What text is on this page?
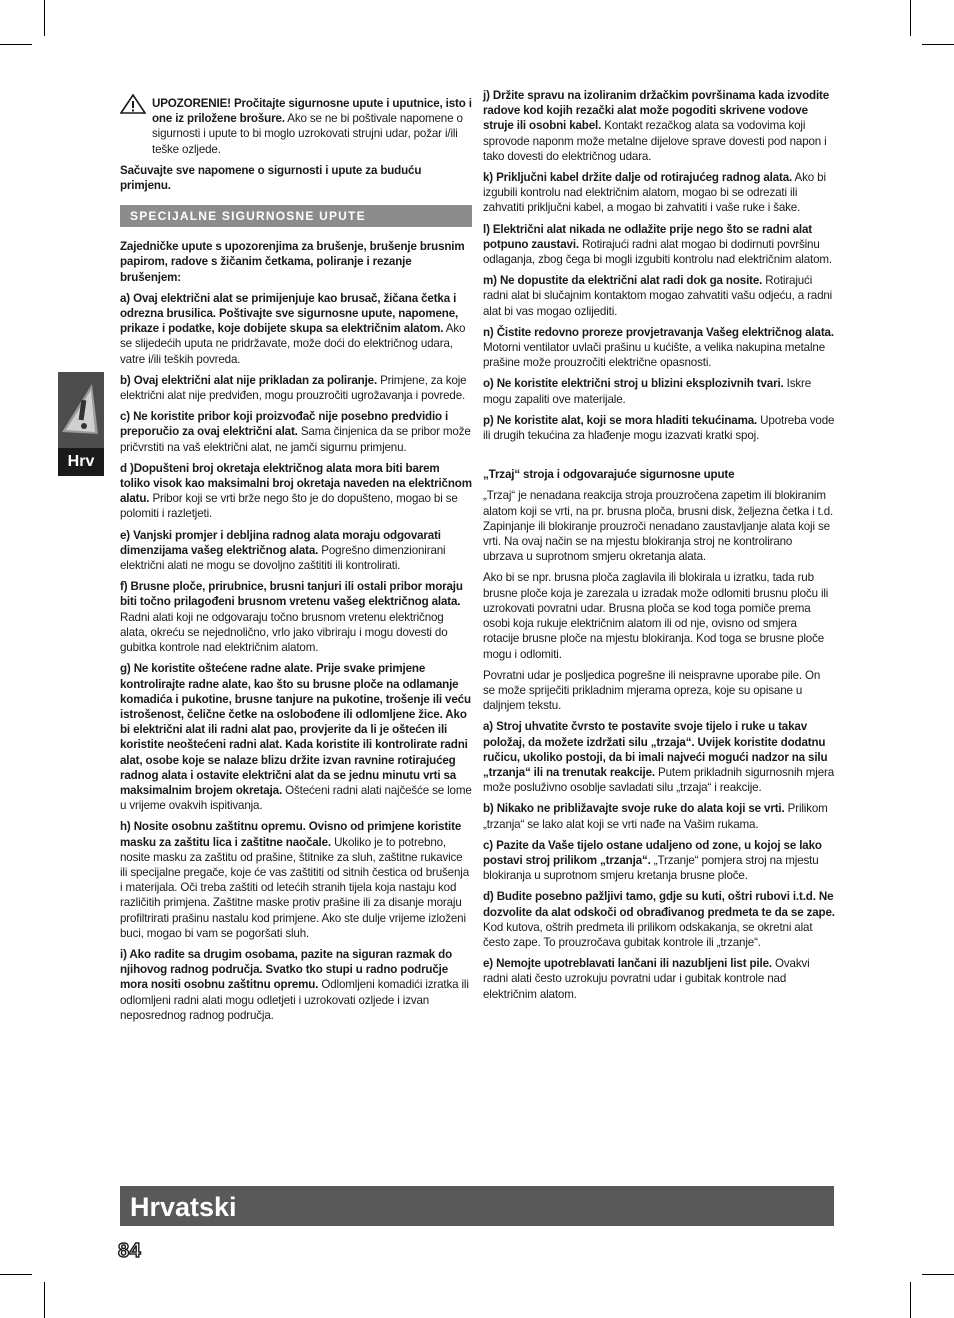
Hrv

UPOZORENIE! Pročitajte sigurnosne upute i uputnice, isto i one iz priložene brošure. Ako se ne bi poštivale napomene o sigurnosti i upute to bi moglo uzrokovati strujni udar, požar i/ili teške ozljede.

Sačuvajte sve napomene o sigurnosti i upute za buduću primjenu.

SPECIJALNE SIGURNOSNE UPUTE

Zajedničke upute s upozorenjima za brušenje, brušenje brusnim papirom, radove s žičanim četkama, poliranje i rezanje brušenjem:

a) Ovaj električni alat se primijenjuje kao brusač, žičana četka i odrezna brusilica. Poštivajte sve sigurnosne upute, napomene, prikaze i podatke, koje dobijete skupa sa električnim alatom. Ako se slijedećih uputa ne pridržavate, može doći do električnog udara, vatre i/ili teških povreda.

b) Ovaj električni alat nije prikladan za poliranje. Primjene, za koje električni alat nije predviđen, mogu prouzročiti ugrožavanja i povrede.

c) Ne koristite pribor koji proizvođač nije posebno predvidio i preporučio za ovaj električni alat. Sama činjenica da se pribor može pričvrstiti na vaš električni alat, ne jamči sigurnu primjenu.

d )Dopušteni broj okretaja električnog alata mora biti barem toliko visok kao maksimalni broj okretaja naveden na električnom alatu. Pribor koji se vrti brže nego što je do dopušteno, mogao bi se polomiti i razletjeti.

e) Vanjski promjer i debljina radnog alata moraju odgovarati dimenzijama vašeg električnog alata. Pogrešno dimenzionirani električni alati ne mogu se dovoljno zaštititi ili kontrolirati.

f) Brusne ploče, prirubnice, brusni tanjuri ili ostali pribor moraju biti točno prilagođeni brusnom vretenu vašeg električnog alata. Radni alati koji ne odgovaraju točno brusnom vretenu električnog alata, okreću se nejednolično, vrlo jako vibriraju i mogu dovesti do gubitka kontrole nad električnim alatom.

g) Ne koristite oštećene radne alate. Prije svake primjene kontrolirajte radne alate, kao što su brusne ploče na odlamanje komadića i pukotine, brusne tanjure na pukotine, trošenje ili veću istrošenost, čelične četke na oslobođene ili odlomljene žice. Ako bi električni alat ili radni alat pao, provjerite da li je oštećen ili koristite neoštećeni radni alat. Kada koristite ili kontrolirate radni alat, osobe koje se nalaze blizu držite izvan ravnine rotirajućeg radnog alata i ostavite električni alat da se jednu minutu vrti sa maksimalnim brojem okretaja. Oštećeni radni alati najčešće se lome u vrijeme ovakvih ispitivanja.

h) Nosite osobnu zaštitnu opremu. Ovisno od primjene koristite masku za zaštitu lica i zaštitne naočale. Ukoliko je to potrebno, nosite masku za zaštitu od prašine, štitnike za sluh, zaštitne rukavice ili specijalne pregače, koje će vas zaštititi od sitnih čestica od brušenja i materijala. Oči treba zaštiti od letećih stranih tijela koja nastaju kod različitih primjena. Zaštitne maske protiv prašine ili za disanje moraju profiltrirati prašinu nastalu kod primjene. Ako ste dulje vrijeme izloženi buci, mogao bi vam se pogoršati sluh.

i) Ako radite sa drugim osobama, pazite na siguran razmak do njihovog radnog područja. Svatko tko stupi u radno područje mora nositi osobnu zaštitnu opremu. Odlomljeni komadići izratka ili odlomljeni radni alati mogu odletjeti i uzrokovati ozljede i izvan neposrednog radnog područja.

j) Držite spravu na izoliranim držačkim površinama kada izvodite radove kod kojih rezački alat može pogoditi skrivene vodove struje ili osobni kabel. Kontakt rezačkog alata sa vodovima koji sprovode naponm može metalne dijelove sprave dovesti pod napon i tako dovesti do električnog udara.

k) Priključni kabel držite dalje od rotirajućeg radnog alata. Ako bi izgubili kontrolu nad električnim alatom, mogao bi se odrezati ili zahvatiti priključni kabel, a mogao bi zahvatiti i vaše ruke i šake.

l) Električni alat nikada ne odlažite prije nego što se radni alat potpuno zaustavi. Rotirajući radni alat mogao bi dodirnuti površinu odlaganja, zbog čega bi mogli izgubiti kontrolu nad električnim alatom.

m) Ne dopustite da električni alat radi dok ga nosite. Rotirajući radni alat bi slučajnim kontaktom mogao zahvatiti vašu odjeću, a radni alat bi vas mogao ozlijediti.

n) Čistite redovno proreze provjetravanja Vašeg električnog alata. Motorni ventilator uvlači prašinu u kućište, a velika nakupina metalne prašine može prouzročiti električne opasnosti.

o) Ne koristite električni stroj u blizini eksplozivnih tvari. Iskre mogu zapaliti ove materijale.

p) Ne koristite alat, koji se mora hladiti tekućinama. Upotreba vode ili drugih tekućina za hlađenje mogu izazvati kratki spoj.

„Trzaj“ stroja i odgovarajuće sigurnosne upute

„Trzaj“ je nenadana reakcija stroja prouzročena zapetim ili blokiranim alatom koji se vrti, na pr. brusna ploča, brusni disk, željezna četka i t.d. Zapinjanje ili blokiranje prouzroči nenadano zaustavljanje alata koji se vrti. Na ovaj način se na mjestu blokiranja stroj ne kontrolirano ubrzava u suprotnom smjeru okretanja alata.

Ako bi se npr. brusna ploča zaglavila ili blokirala u izratku, tada rub brusne ploče koja je zarezala u izradak može odlomiti brusnu ploču ili uzrokovati povratni udar. Brusna ploča se kod toga pomiče prema osobi koja rukuje električnim alatom ili od nje, ovisno od smjera rotacije brusne ploče na mjestu blokiranja. Kod toga se brusne ploče mogu i odlomiti.

Povratni udar je posljedica pogrešne ili neispravne uporabe pile. On se može spriječiti prikladnim mjerama opreza, koje su opisane u daljnjem tekstu.

a) Stroj uhvatite čvrsto te postavite svoje tijelo i ruke u takav položaj, da možete izdržati silu „trzaja“. Uvijek koristite dodatnu ručicu, ukoliko postoji, da bi imali najveći mogući nadzor na silu „trzanja“ ili na trenutak reakcije. Putem prikladnih sigurnosnih mjera može posluživno osoblje savladati silu „trzaja“ i reakcije.

b) Nikako ne približavajte svoje ruke do alata koji se vrti. Prilikom „trzanja“ se lako alat koji se vrti nađe na Vašim rukama.

c) Pazite da Vaše tijelo ostane udaljeno od zone, u kojoj se lako postavi stroj prilikom „trzanja“. „Trzanje“ pomjera stroj na mjestu blokiranja u suprotnom smjeru kretanja brusne ploče.

d) Budite posebno pažljivi tamo, gdje su kuti, oštri rubovi i.t.d. Ne dozvolite da alat odskoči od obrađivanog predmeta te da se zape. Kod kutova, oštrih predmeta ili prilikom odskakanja, se okretni alat često zape. To prouzročava gubitak kontrole ili „trzanje“.

e) Nemojte upotreblavati lančani ili nazubljeni list pile. Ovakvi radni alati često uzrokuju povratni udar i gubitak kontrole nad električnim alatom.

Hrvatski
84
